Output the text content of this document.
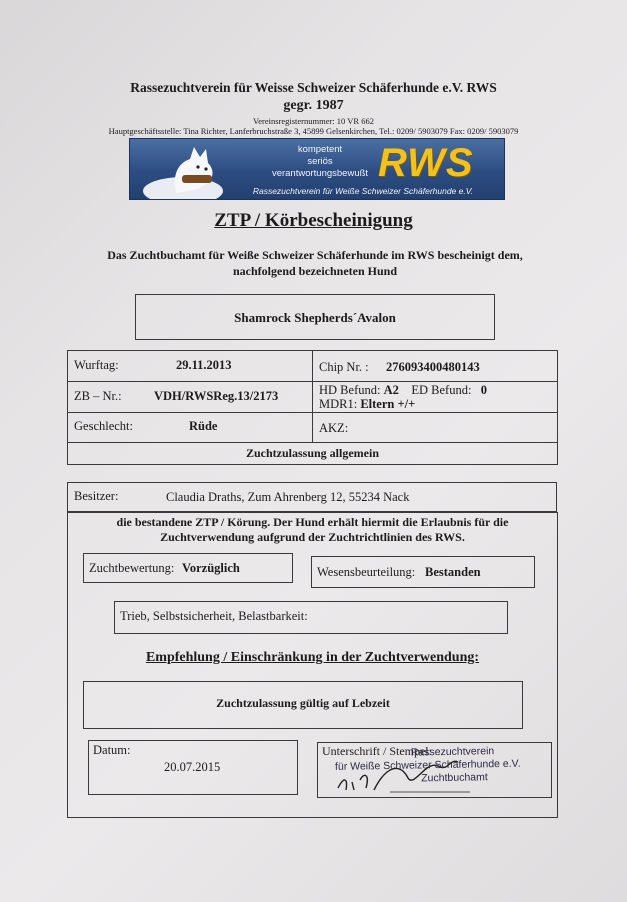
Rassezuchtverein für Weisse Schweizer Schäferhunde e.V. RWS
gegr. 1987
Vereinsregisternummer: 10 VR 662
Hauptgeschäftsstelle: Tina Richter, Lanferbruchstraße 3, 45899 Gelsenkirchen, Tel.: 0209/ 5903079 Fax: 0209/ 5903079
kompetent
seriös
verantwortungsbewußt RWS
Rassezuchtverein für Weiße Schweizer Schäferhunde e.V.
ZTP / Körbescheinigung
Das Zuchtbuchamt für Weiße Schweizer Schäferhunde im RWS bescheinigt dem,
nachfolgend bezeichneten Hund
Shamrock Shepherds´Avalon
Wurftag:	29.11.2013	Chip Nr. : 276093400480143
ZB – Nr.:	VDH/RWSReg.13/2173	HD Befund: A2 ED Befund: 0
MDR1: Eltern +/+
Geschlecht:	Rüde	AKZ:
Zuchtzulassung allgemein
Besitzer:	Claudia Draths, Zum Ahrenberg 12, 55234 Nack
die bestandene ZTP / Körung. Der Hund erhält hiermit die Erlaubnis für die
Zuchtverwendung aufgrund der Zuchtrichtlinien des RWS.
Zuchtbewertung: Vorzüglich	Wesensbeurteilung: Bestanden
Trieb, Selbstsicherheit, Belastbarkeit:
Empfehlung / Einschränkung in der Zuchtverwendung:
Zuchtzulassung gültig auf Lebzeit
Datum:
20.07.2015
Unterschrift / Stempel:
Rassezuchtverein
für Weiße Schweizer Schäferhunde e.V.
Zuchtbuchamt
